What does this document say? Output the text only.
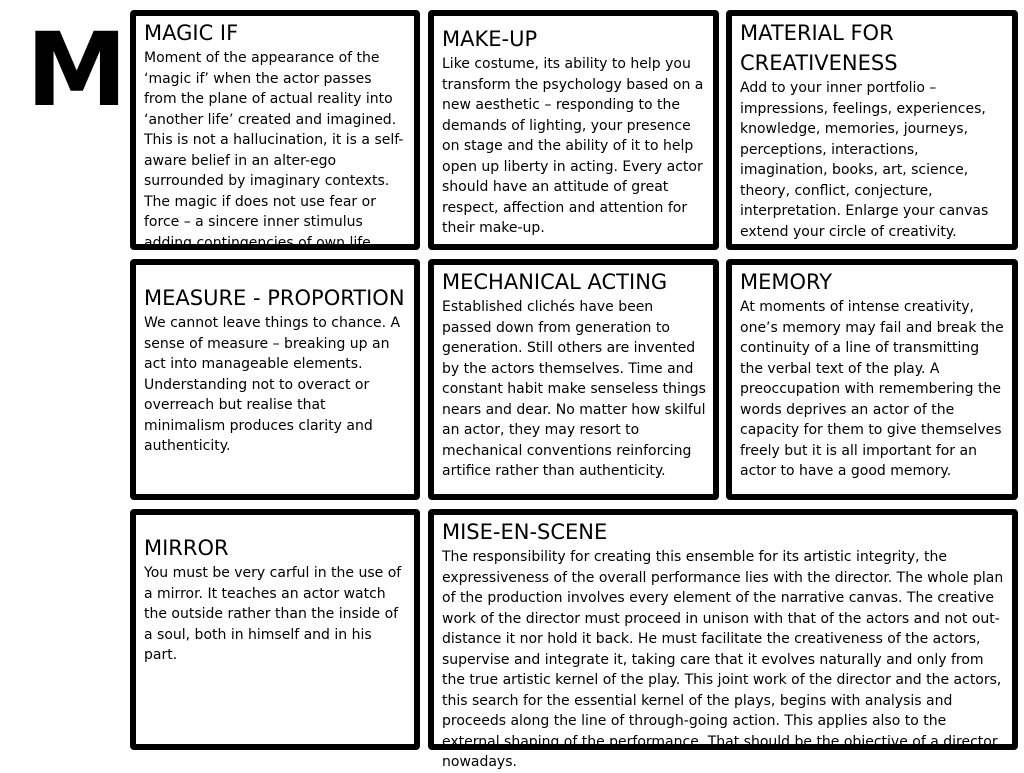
M MAGIC IF
Moment of the appearance of the ‘magic if’ when the actor passes from the plane of actual reality into ‘another life’ created and imagined. This is not a hallucination, it is a self-aware belief in an alter-ego surrounded by imaginary contexts. The magic if does not use fear or force – a sincere inner stimulus adding contingencies of own life.
MAKE-UP
Like costume, its ability to help you transform the psychology based on a new aesthetic – responding to the demands of lighting, your presence on stage and the ability of it to help open up liberty in acting. Every actor should have an attitude of great respect, affection and attention for their make-up.
MATERIAL FOR CREATIVENESS
Add to your inner portfolio – impressions, feelings, experiences, knowledge, memories, journeys, perceptions, interactions, imagination, books, art, science, theory, conflict, conjecture, interpretation. Enlarge your canvas extend your circle of creativity.
MEASURE - PROPORTION
We cannot leave things to chance. A sense of measure – breaking up an act into manageable elements. Understanding not to overact or overreach but realise that minimalism produces clarity and authenticity.
MECHANICAL ACTING
Established clichés have been passed down from generation to generation. Still others are invented by the actors themselves. Time and constant habit make senseless things nears and dear. No matter how skilful an actor, they may resort to mechanical conventions reinforcing artifice rather than authenticity.
MEMORY
At moments of intense creativity, one’s memory may fail and break the continuity of a line of transmitting the verbal text of the play. A preoccupation with remembering the words deprives an actor of the capacity for them to give themselves freely but it is all important for an actor to have a good memory.
MIRROR
You must be very carful in the use of a mirror. It teaches an actor watch the outside rather than the inside of a soul, both in himself and in his part.
MISE-EN-SCENE
The responsibility for creating this ensemble for its artistic integrity, the expressiveness of the overall performance lies with the director. The whole plan of the production involves every element of the narrative canvas. The creative work of the director must proceed in unison with that of the actors and not out-distance it nor hold it back. He must facilitate the creativeness of the actors, supervise and integrate it, taking care that it evolves naturally and only from the true artistic kernel of the play. This joint work of the director and the actors, this search for the essential kernel of the plays, begins with analysis and proceeds along the line of through-going action. This applies also to the external shaping of the performance. That should be the objective of a director nowadays.
